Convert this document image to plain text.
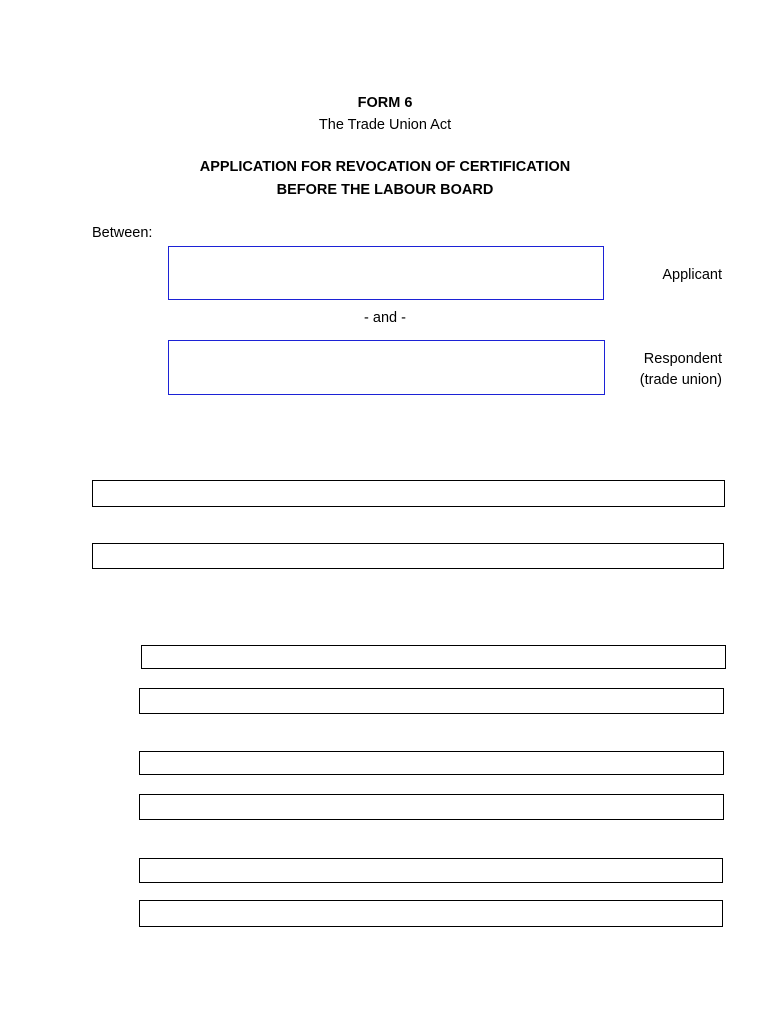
FORM 6
The Trade Union Act
APPLICATION FOR REVOCATION OF CERTIFICATION
BEFORE THE LABOUR BOARD
Between:
Applicant
- and -
Respondent
(trade union)
